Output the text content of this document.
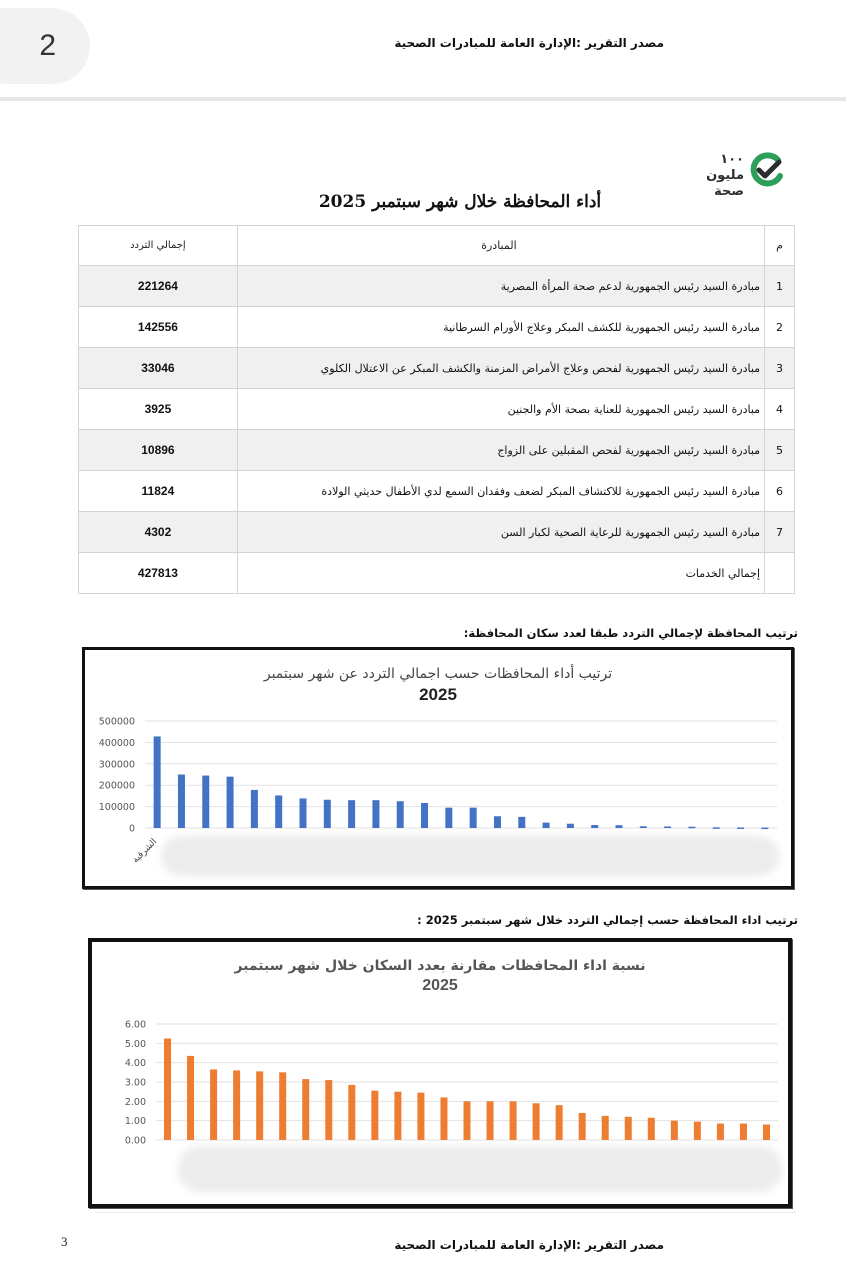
2	مصدر التقرير :الإدارة العامة للمبادرات الصحية
١٠٠ مليون
صحة
أداء المحافظة خلال شهر سبتمبر 2025
م	المبادرة	إجمالي التردد
1	مبادرة السيد رئيس الجمهورية لدعم صحة المرأة المصرية	221264
2	مبادرة السيد رئيس الجمهورية للكشف المبكر وعلاج الأورام السرطانية	142556
3	مبادرة السيد رئيس الجمهورية لفحص وعلاج الأمراض المزمنة والكشف المبكر عن الاعتلال الكلوي	33046
4	مبادرة السيد رئيس الجمهورية للعناية بصحة الأم والجنين	3925
5	مبادرة السيد رئيس الجمهورية لفحص المقبلين على الزواج	10896
6	مبادرة السيد رئيس الجمهورية للاكتشاف المبكر لضعف وفقدان السمع لدي الأطفال حديثي الولادة	11824
7	مبادرة السيد رئيس الجمهورية للرعاية الصحية لكبار السن	4302
	إجمالي الخدمات	427813
ترتيب المحافظة لإجمالي التردد طبقا لعدد سكان المحافظة:
ترتيب أداء المحافظات حسب اجمالي التردد عن شهر سبتمبر
2025
0
100000
200000
300000
400000
500000
الشرقية
ترتيب اداء المحافظة حسب إجمالي التردد خلال شهر سبتمبر 2025 :
نسبة اداء المحافظات مقارنة بعدد السكان خلال شهر سبتمبر
2025
0.00
1.00
2.00
3.00
4.00
5.00
6.00
3	مصدر التقرير :الإدارة العامة للمبادرات الصحية
